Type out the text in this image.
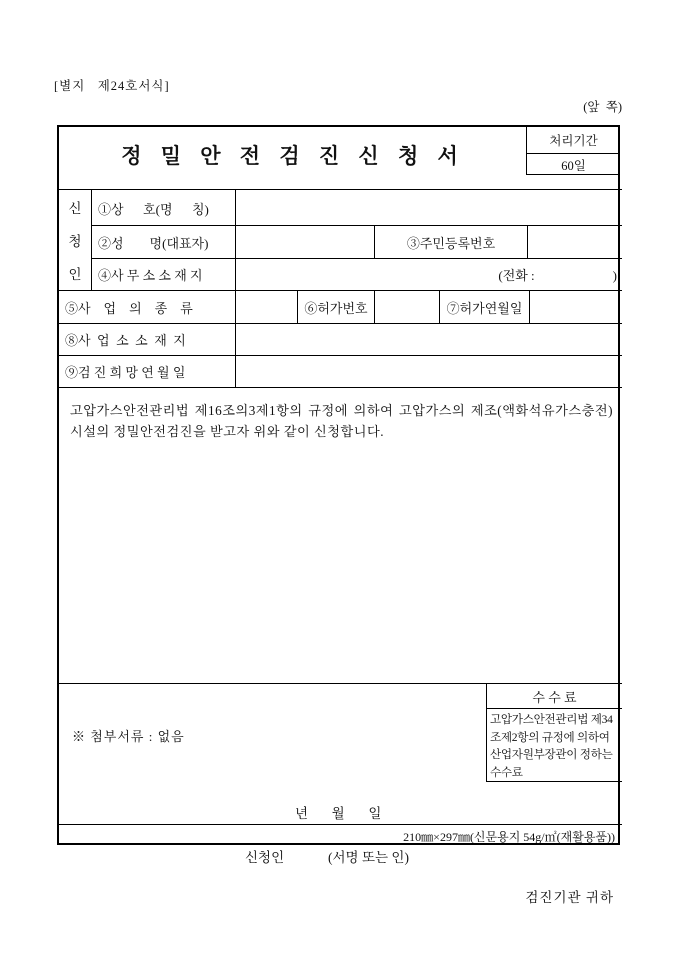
[별지   제24호서식]
(앞  쪽)
정 밀 안 전 검 진 신 청 서
처리기간
60일
신
청
인
①상      호(명      칭)
②성        명(대표자)	③주민등록번호
④사 무 소 소 재 지	(전화 :                        )
⑤사    업    의    종    류	⑥허가번호	⑦허가연월일
⑧사  업  소  소  재  지
⑨검 진 희 망 연 월 일
고압가스안전관리법 제16조의3제1항의 규정에 의하여 고압가스의 제조(액화석유가스충전)시설의 정밀안전검진을 받고자 위와 같이 신청합니다.
년       월       일
신청인             (서명 또는 인)
검진기관 귀하
※ 첨부서류 : 없음
수 수 료
고압가스안전관리법 제34조제2항의 규정에 의하여 산업자원부장관이 정하는 수수료
210㎜×297㎜(신문용지 54g/㎡(재활용품))
